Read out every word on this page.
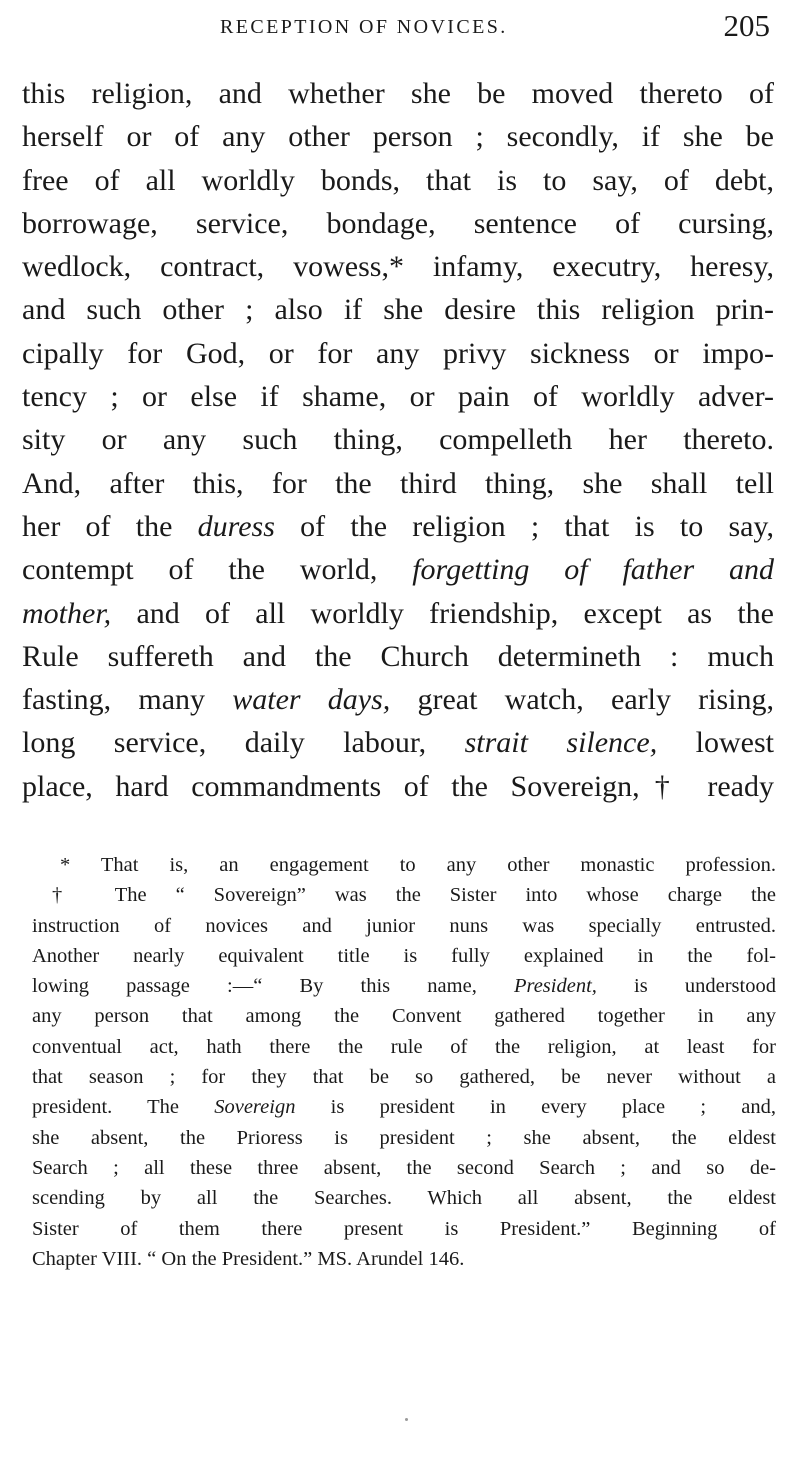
RECEPTION OF NOVICES.	205
this religion, and whether she be moved thereto of
herself or of any other person ; secondly, if she be
free of all worldly bonds, that is to say, of debt,
borrowage, service, bondage, sentence of cursing,
wedlock, contract, vowess,* infamy, executry, heresy,
and such other ; also if she desire this religion prin-
cipally for God, or for any privy sickness or impo-
tency ; or else if shame, or pain of worldly adver-
sity or any such thing, compelleth her thereto.
And, after this, for the third thing, she shall tell
her of the duress of the religion ; that is to say,
contempt of the world, forgetting of father and
mother, and of all worldly friendship, except as the
Rule suffereth and the Church determineth : much
fasting, many water days, great watch, early rising,
long service, daily labour, strait silence, lowest
place, hard commandments of the Sovereign,† ready
* That is, an engagement to any other monastic profession.
† The “ Sovereign” was the Sister into whose charge the
instruction of novices and junior nuns was specially entrusted.
Another nearly equivalent title is fully explained in the fol-
lowing passage :—“ By this name, President, is understood
any person that among the Convent gathered together in any
conventual act, hath there the rule of the religion, at least for
that season ; for they that be so gathered, be never without a
president. The Sovereign is president in every place ; and,
she absent, the Prioress is president ; she absent, the eldest
Search ; all these three absent, the second Search ; and so de-
scending by all the Searches. Which all absent, the eldest
Sister of them there present is President.” Beginning of
Chapter VIII. “ On the President.” MS. Arundel 146.
